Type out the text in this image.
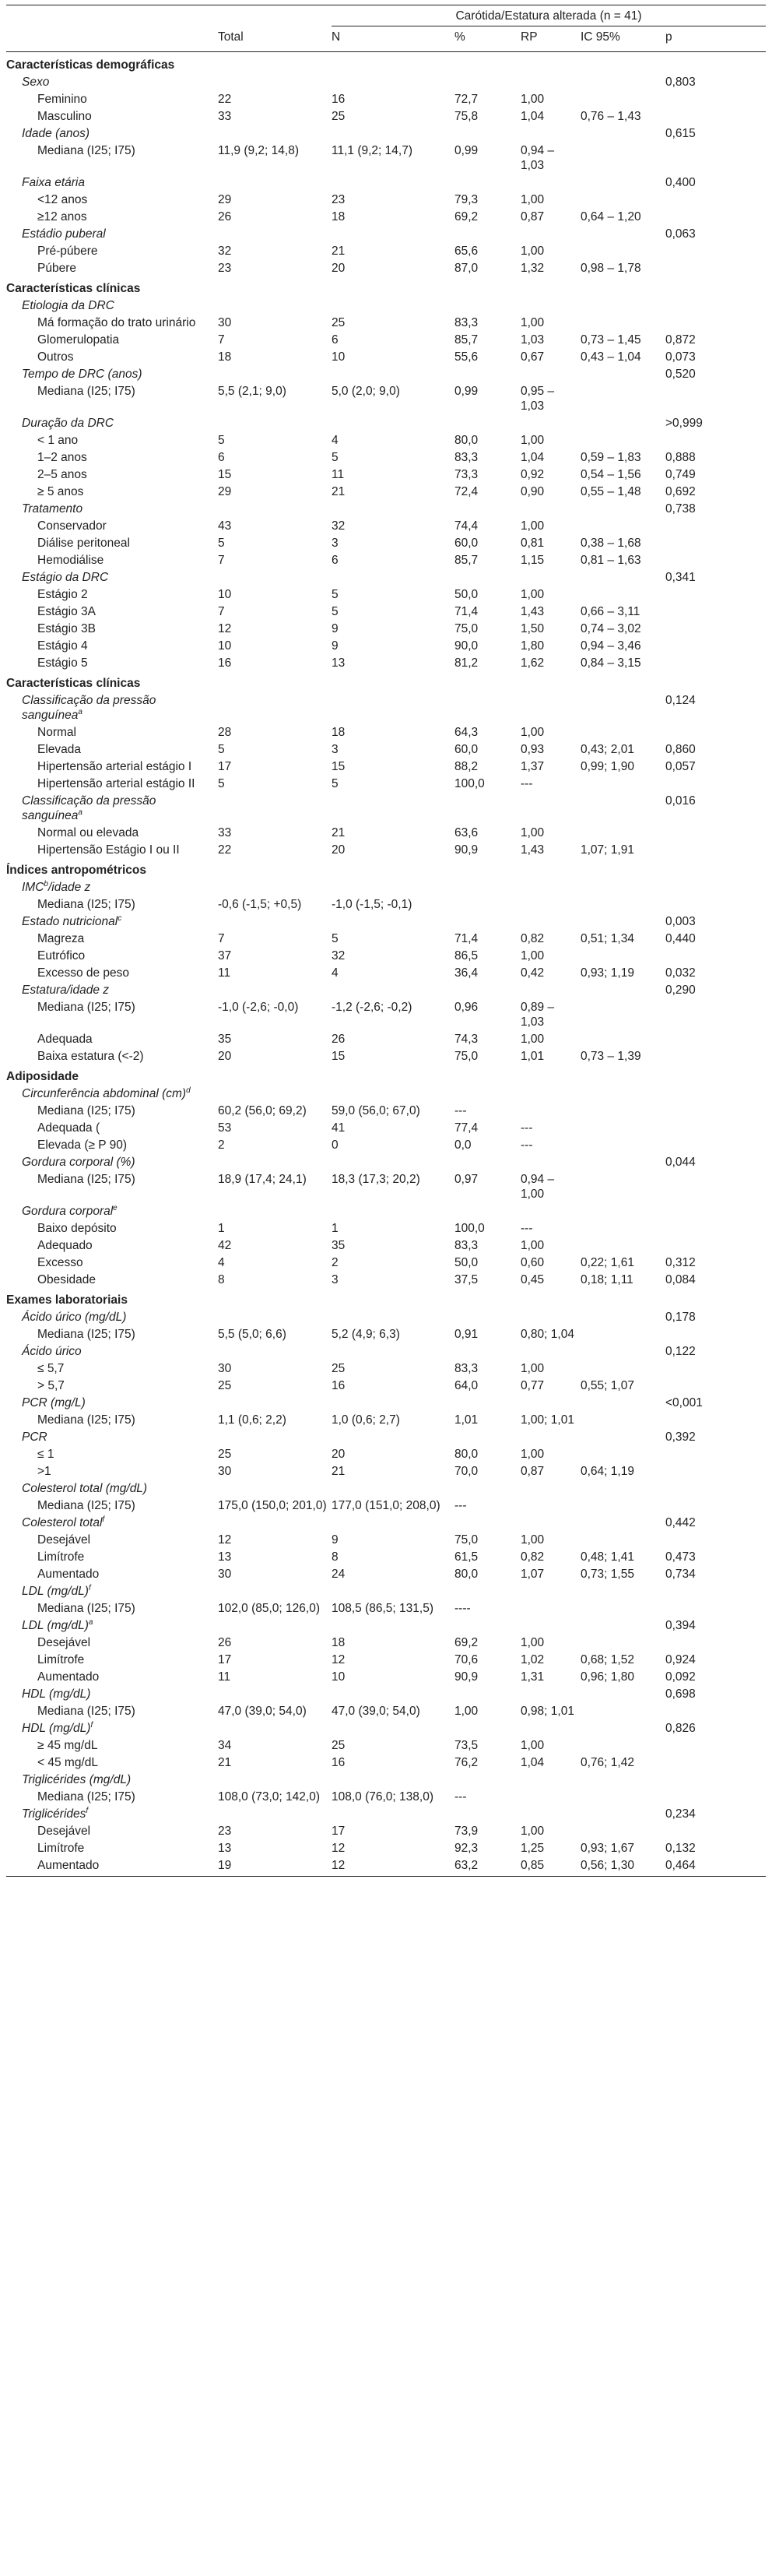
		Carótida/Estatura alterada (n = 41)				
	Total	N	%	RP	IC 95%	p
Características demográficas						
Sexo						0,803
Feminino	22	16	72,7	1,00		
Masculino	33	25	75,8	1,04	0,76 – 1,43	
Idade (anos)						0,615
Mediana (I25; I75)	11,9 (9,2; 14,8)	11,1 (9,2; 14,7)	0,99	0,94 – 1,03		
Faixa etária						0,400
<12 anos	29	23	79,3	1,00		
≥12 anos	26	18	69,2	0,87	0,64 – 1,20	
Estádio puberal						0,063
Pré-púbere	32	21	65,6	1,00		
Púbere	23	20	87,0	1,32	0,98 – 1,78	
Características clínicas						
Etiologia da DRC						
Má formação do trato urinário	30	25	83,3	1,00		
Glomerulopatia	7	6	85,7	1,03	0,73 – 1,45	0,872
Outros	18	10	55,6	0,67	0,43 – 1,04	0,073
Tempo de DRC (anos)						0,520
Mediana (I25; I75)	5,5 (2,1; 9,0)	5,0 (2,0; 9,0)	0,99	0,95 – 1,03		
Duração da DRC						>0,999
< 1 ano	5	4	80,0	1,00		
1–2 anos	6	5	83,3	1,04	0,59 – 1,83	0,888
2–5 anos	15	11	73,3	0,92	0,54 – 1,56	0,749
≥ 5 anos	29	21	72,4	0,90	0,55 – 1,48	0,692
Tratamento						0,738
Conservador	43	32	74,4	1,00		
Diálise peritoneal	5	3	60,0	0,81	0,38 – 1,68	
Hemodiálise	7	6	85,7	1,15	0,81 – 1,63	
Estágio da DRC						0,341
Estágio 2	10	5	50,0	1,00		
Estágio 3A	7	5	71,4	1,43	0,66 – 3,11	
Estágio 3B	12	9	75,0	1,50	0,74 – 3,02	
Estágio 4	10	9	90,0	1,80	0,94 – 3,46	
Estágio 5	16	13	81,2	1,62	0,84 – 3,15	
Características clínicas						
Classificação da pressão sanguínea$^a$						0,124
Normal	28	18	64,3	1,00		
Elevada	5	3	60,0	0,93	0,43; 2,01	0,860
Hipertensão arterial estágio I	17	15	88,2	1,37	0,99; 1,90	0,057
Hipertensão arterial estágio II	5	5	100,0	---		
Classificação da pressão sanguínea$^a$						0,016
Normal ou elevada	33	21	63,6	1,00		
Hipertensão Estágio I ou II	22	20	90,9	1,43	1,07; 1,91	
Índices antropométricos						
IMC$^b$/idade z						
Mediana (I25; I75)	-0,6 (-1,5; +0,5)	-1,0 (-1,5; -0,1)				
Estado nutricional$^c$						0,003
Magreza	7	5	71,4	0,82	0,51; 1,34	0,440
Eutrófico	37	32	86,5	1,00		
Excesso de peso	11	4	36,4	0,42	0,93; 1,19	0,032
Estatura/idade z						0,290
Mediana (I25; I75)	-1,0 (-2,6; -0,0)	-1,2 (-2,6; -0,2)	0,96	0,89 – 1,03		
Adequada	35	26	74,3	1,00		
Baixa estatura (<-2)	20	15	75,0	1,01	0,73 – 1,39	
Adiposidade						
Circunferência abdominal (cm)$^d$						
Mediana (I25; I75)	60,2 (56,0; 69,2)	59,0 (56,0; 67,0)	---			
Adequada (	53	41	77,4	---		
Elevada (≥ P 90)	2	0	0,0	---		
Gordura corporal (%)						0,044
Mediana (I25; I75)	18,9 (17,4; 24,1)	18,3 (17,3; 20,2)	0,97	0,94 – 1,00		
Gordura corporal$^e$						
Baixo depósito	1	1	100,0	---		
Adequado	42	35	83,3	1,00		
Excesso	4	2	50,0	0,60	0,22; 1,61	0,312
Obesidade	8	3	37,5	0,45	0,18; 1,11	0,084
Exames laboratoriais						
Ácido úrico (mg/dL)						0,178
Mediana (I25; I75)	5,5 (5,0; 6,6)	5,2 (4,9; 6,3)	0,91	0,80; 1,04		
Ácido úrico						0,122
≤ 5,7	30	25	83,3	1,00		
> 5,7	25	16	64,0	0,77	0,55; 1,07	
PCR (mg/L)						<0,001
Mediana (I25; I75)	1,1 (0,6; 2,2)	1,0 (0,6; 2,7)	1,01	1,00; 1,01		
PCR						0,392
≤ 1	25	20	80,0	1,00		
>1	30	21	70,0	0,87	0,64; 1,19	
Colesterol total (mg/dL)						
Mediana (I25; I75)	175,0 (150,0; 201,0)	177,0 (151,0; 208,0)	---			
Colesterol total$^f$						0,442
Desejável	12	9	75,0	1,00		
Limítrofe	13	8	61,5	0,82	0,48; 1,41	0,473
Aumentado	30	24	80,0	1,07	0,73; 1,55	0,734
LDL $(mg/dL)^f$						
Mediana (I25; I75)	102,0 (85,0; 126,0)	108,5 (86,5; 131,5)	----			
LDL $(mg/dL)^a$						0,394
Desejável	26	18	69,2	1,00		
Limítrofe	17	12	70,6	1,02	0,68; 1,52	0,924
Aumentado	11	10	90,9	1,31	0,96; 1,80	0,092
HDL (mg/dL)						0,698
Mediana (I25; I75)	47,0 (39,0; 54,0)	47,0 (39,0; 54,0)	1,00	0,98; 1,01		
HDL $(mg/dL)^f$						0,826
≥ 45 mg/dL	34	25	73,5	1,00		
< 45 mg/dL	21	16	76,2	1,04	0,76; 1,42	
Triglicérides (mg/dL)						
Mediana (I25; I75)	108,0 (73,0; 142,0)	108,0 (76,0; 138,0)	---			
Triglicérides$^f$						0,234
Desejável	23	17	73,9	1,00		
Limítrofe	13	12	92,3	1,25	0,93; 1,67	0,132
Aumentado	19	12	63,2	0,85	0,56; 1,30	0,464
